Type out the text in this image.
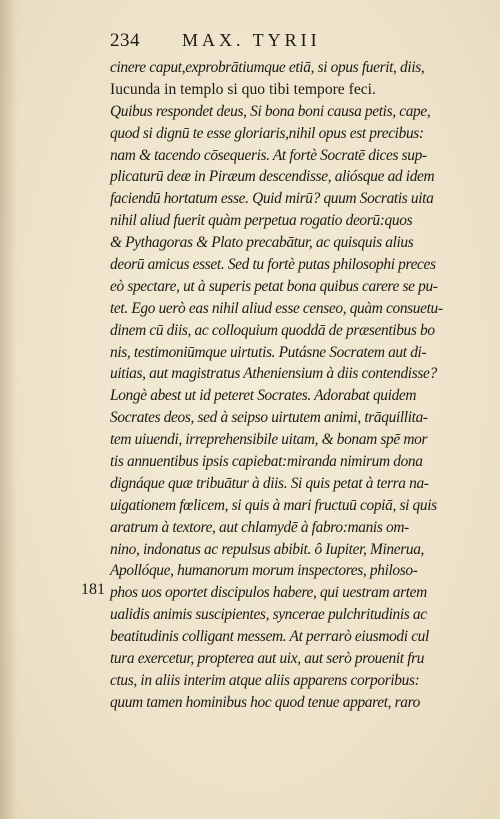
234 MAX. TYRII
181
cinere caput,exprobrātiumque etiā, si opus fuerit, diis,
Iucunda in templo si quo tibi tempore feci.
Quibus respondet deus, Si bona boni causa petis, cape,
quod si dignū te esse gloriaris,nihil opus est precibus:
nam & tacendo cōsequeris. At fortè Socratē dices sup-
plicaturū deæ in Piræum descendisse, aliósque ad idem
faciendū hortatum esse. Quid mirū? quum Socratis uita
nihil aliud fuerit quàm perpetua rogatio deorū:quos
& Pythagoras & Plato precabātur, ac quisquis alius
deorū amicus esset. Sed tu fortè putas philosophi preces
eò spectare, ut à superis petat bona quibus carere se pu-
tet. Ego uerò eas nihil aliud esse censeo, quàm consuetu-
dinem cū diis, ac colloquium quoddā de præsentibus bo
nis, testimoniūmque uirtutis. Putásne Socratem aut di-
uitias, aut magistratus Atheniensium à diis contendisse?
Longè abest ut id peteret Socrates. Adorabat quidem
Socrates deos, sed à seipso uirtutem animi, trāquillita-
tem uiuendi, irreprehensibile uitam, & bonam spē mor
tis annuentibus ipsis capiebat:miranda nimirum dona
dignáque quæ tribuātur à diis. Si quis petat à terra na-
uigationem fœlicem, si quis à mari fructuū copiā, si quis
aratrum à textore, aut chlamydē à fabro:manis om-
nino, indonatus ac repulsus abibit. ô Iupiter, Minerua,
Apollóque, humanorum morum inspectores, philoso-
phos uos oportet discipulos habere, qui uestram artem
ualidis animis suscipientes, syncerae pulchritudinis ac
beatitudinis colligant messem. At perrarò eiusmodi cul
tura exercetur, propterea aut uix, aut serò prouenit fru
ctus, in aliis interim atque aliis apparens corporibus:
quum tamen hominibus hoc quod tenue apparet, raro
